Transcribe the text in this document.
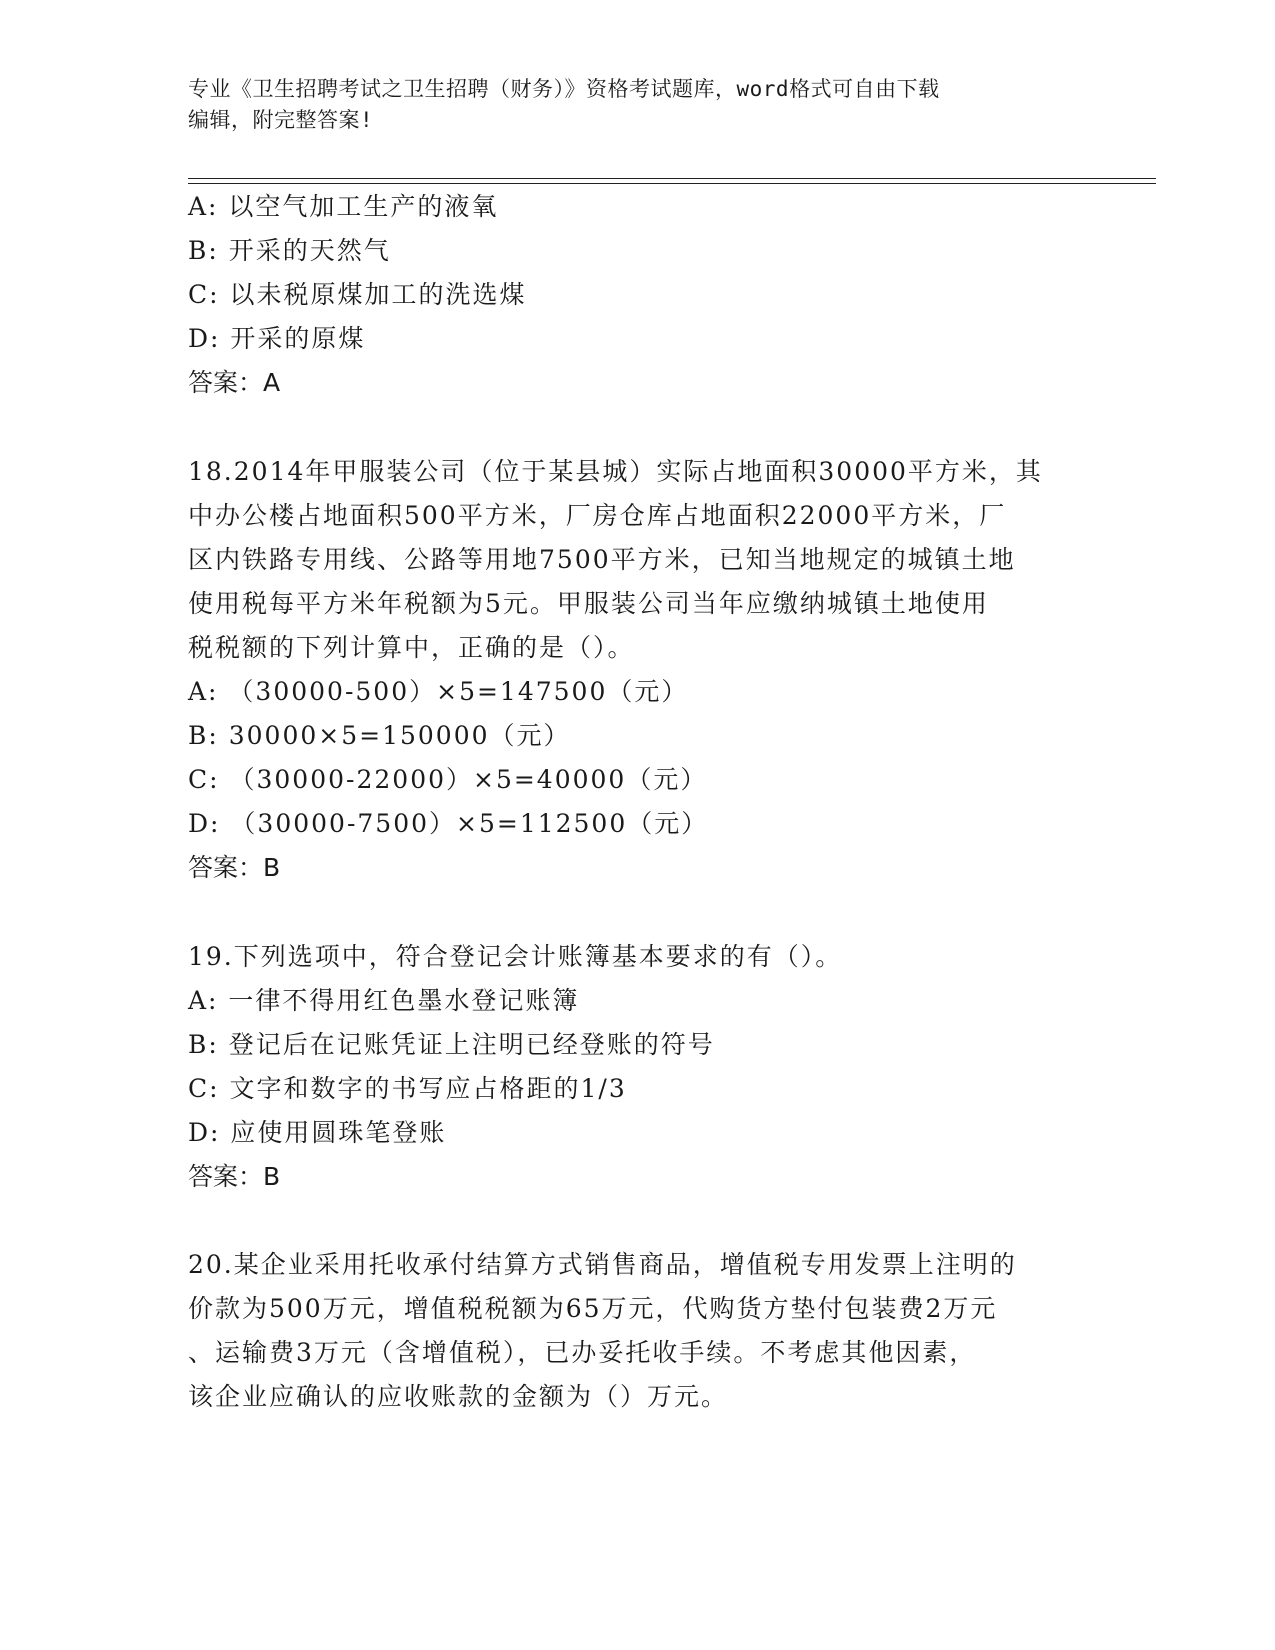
专业《卫生招聘考试之卫生招聘（财务）》资格考试题库，word格式可自由下载
编辑，附完整答案!
A: 以空气加工生产的液氧
B: 开采的天然气
C: 以未税原煤加工的洗选煤
D: 开采的原煤
答案：A
18.2014年甲服装公司（位于某县城）实际占地面积30000平方米，其
中办公楼占地面积500平方米，厂房仓库占地面积22000平方米，厂
区内铁路专用线、公路等用地7500平方米，已知当地规定的城镇土地
使用税每平方米年税额为5元。甲服装公司当年应缴纳城镇土地使用
税税额的下列计算中，正确的是（）。
A: （30000-500）×5=147500（元）
B: 30000×5=150000（元）
C: （30000-22000）×5=40000（元）
D: （30000-7500）×5=112500（元）
答案：B
19.下列选项中，符合登记会计账簿基本要求的有（）。
A: 一律不得用红色墨水登记账簿
B: 登记后在记账凭证上注明已经登账的符号
C: 文字和数字的书写应占格距的1/3
D: 应使用圆珠笔登账
答案：B
20.某企业采用托收承付结算方式销售商品，增值税专用发票上注明的
价款为500万元，增值税税额为65万元，代购货方垫付包装费2万元
、运输费3万元（含增值税），已办妥托收手续。不考虑其他因素，
该企业应确认的应收账款的金额为（）万元。
